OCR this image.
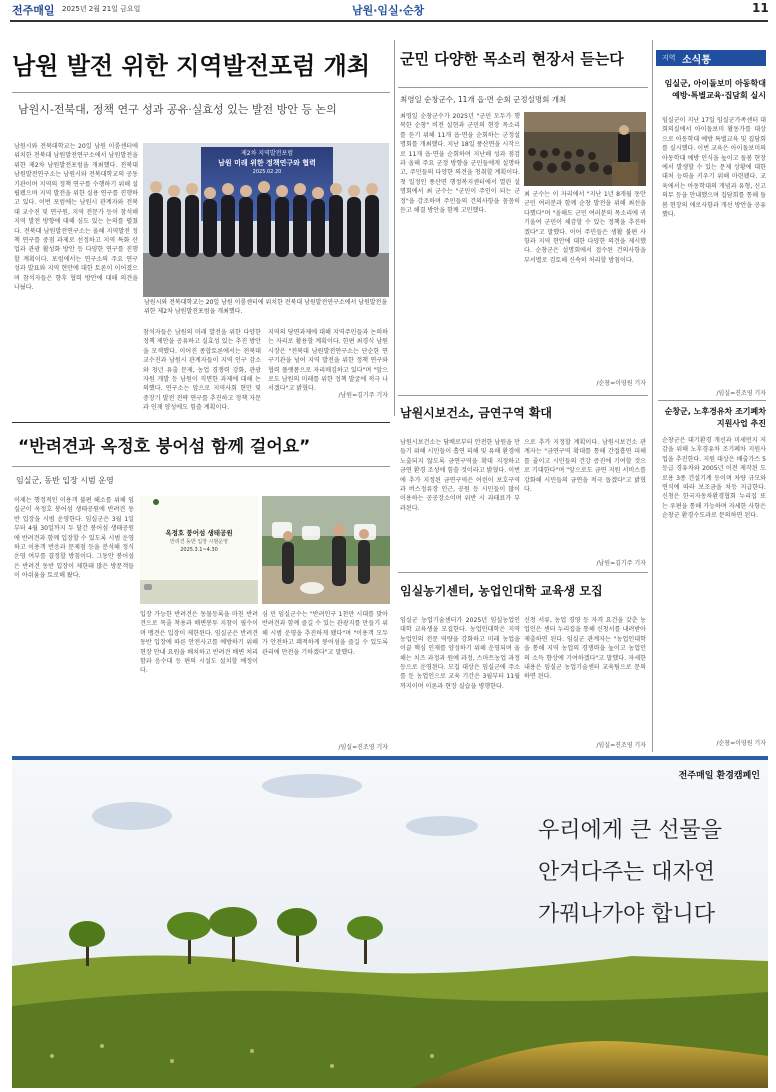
전주매일 2025년 2월 21일 금요일	남원·임실·순창	11
남원 발전 위한 지역발전포럼 개최
남원시-전북대, 정책 연구 성과 공유·실효성 있는 발전 방안 등 논의
남원시와 전북대학교는 20일 남원 이룸센터에 위치한 전북대 남원발전연구소에서 남원발전을 위한 제2차 남원발전포럼을 개최했다. 전북대 남원발전연구소는 남원시와 전북대학교의 공동 기관이며 지역의 정책 연구를 수행하기 위해 설립됐으며 지역 발전을 위한 실용 연구를 진행하고 있다. 이번 포럼에는 남원시 관계자와 전북대 교수진 및 연구원, 지역 전문가 등이 참석해 지역 발전 방향에 대해 심도 있는 논의를 펼쳤다. 전북대 남원발전연구소는 올해 지역발전 정책 연구를 중점 과제로 선정하고 지역 특화 산업과 관광 활성화 방안 등 다양한 연구를 진행할 계획이다. 포럼에서는 연구소의 주요 연구 성과 발표와 지역 현안에 대한 토론이 이어졌으며 참석자들은 향후 협력 방안에 대해 의견을 나눴다.
제2차 지역발전포럼
남원 미래 위한 정책연구와 협력
2025.02.20
남원시와 전북대학교는 20일 남원 이룸센터에 위치한 전북대 남원발전연구소에서 남원발전을 위한 제2차 남원발전포럼을 개최했다.
참석자들은 남원의 미래 발전을 위한 다양한 정책 제안을 공유하고 실효성 있는 추진 방안을 모색했다. 이어진 종합토론에서는 전북대 교수진과 남원시 관계자들이 지역 인구 감소와 청년 유출 문제, 농업 경쟁력 강화, 관광 자원 개발 등 남원이 직면한 과제에 대해 논의했다. 연구소는 앞으로 지역사회 현안 및 중장기 발전 전략 연구를 추진하고 정책 자문과 인재 양성에도 힘쓸 계획이다.
지역의 당면과제에 대해 지역주민들과 논의하는 자리로 활용할 계획이다. 한편 최경식 남원시장은 "전북대 남원발전연구소는 단순한 연구기관을 넘어 지역 발전을 위한 정책 연구와 협력 플랫폼으로 자리매김하고 있다"며 "앞으로도 남원의 미래를 위한 정책 발굴에 적극 나서겠다"고 밝혔다.
/남원=김기주 기자
군민 다양한 목소리 현장서 듣는다
최영일 순창군수, 11개 읍·면 순회 군정설명회 개최
최영일 순창군수가 2025년 "군민 모두가 행복한 순창" 비전 실현과 군민의 현장 목소리를 듣기 위해 11개 읍·면을 순회하는 군정설명회를 개최했다. 지난 18일 풍산면을 시작으로 11개 읍·면을 순회하며 지난해 성과 점검과 올해 주요 군정 방향을 군민들에게 설명하고, 주민들의 다양한 의견을 청취할 계획이다. 첫 일정인 풍산면 행정복지센터에서 열린 설명회에서 최 군수는 "군민이 주인이 되는 군정"을 강조하며 주민들의 건의사항을 꼼꼼히 듣고 해결 방안을 함께 고민했다.
최 군수는 이 자리에서 "지난 1년 8개월 동안 군민 여러분과 함께 순창 발전을 위해 최선을 다했다"며 "올해도 군민 여러분의 목소리에 귀 기울여 군민이 체감할 수 있는 정책을 추진하겠다"고 말했다. 이어 주민들은 생활 불편 사항과 지역 현안에 대한 다양한 의견을 제시했다. 순창군은 설명회에서 접수된 건의사항을 부서별로 검토해 신속히 처리할 방침이다.
/순창=이영원 기자
남원시보건소, 금연구역 확대
남원시보건소는 담배로부터 안전한 남원을 만들기 위해 시민들이 흡연 피해 및 유해 환경에 노출되지 않도록 금연구역을 확대 지정하고 금연 환경 조성에 힘쓸 것이라고 밝혔다. 이번에 추가 지정된 금연구역은 어린이 보호구역과 버스정류장 인근, 공원 등 시민들이 많이 이용하는 공공장소이며 위반 시 과태료가 부과된다.
으로 추가 지정할 계획이다. 남원시보건소 관계자는 "금연구역 확대를 통해 간접흡연 피해를 줄이고 시민들의 건강 증진에 기여할 것으로 기대한다"며 "앞으로도 금연 지원 서비스를 강화해 시민들의 금연을 적극 돕겠다"고 밝혔다.
/남원=김기주 기자
임실농기센터, 농업인대학 교육생 모집
임실군 농업기술센터가 2025년 임실농업인대학 교육생을 모집한다. 농업인대학은 지역 농업인의 전문 역량을 강화하고 미래 농업을 이끌 핵심 인재를 양성하기 위해 운영되며 올해는 치즈 과정과 원예 과정, 스마트농업 과정 등으로 운영된다. 모집 대상은 임실군에 주소를 둔 농업인으로 교육 기간은 3월부터 11월까지이며 이론과 현장 실습을 병행한다.
신청 서류, 농업 경영 등 자격 요건을 갖춘 농업인은 센터 누리집을 통해 신청서를 내려받아 제출하면 된다. 임실군 관계자는 "농업인대학을 통해 지역 농업의 경쟁력을 높이고 농업인의 소득 향상에 기여하겠다"고 말했다. 자세한 내용은 임실군 농업기술센터 교육팀으로 문의하면 된다.
/임실=진조영 기자
“반려견과 옥정호 붕어섬 함께 걸어요”
임실군, 동반 입장 시범 운영
이제는 행정적인 이용객 불편 해소를 위해 임실군이 옥정호 붕어섬 생태공원에 반려견 동반 입장을 시범 운영한다. 임실군은 3월 1일부터 4월 30일까지 두 달간 붕어섬 생태공원에 반려견과 함께 입장할 수 있도록 시범 운영하고 이용객 반응과 문제점 등을 분석해 정식 운영 여부를 결정할 방침이다. 그동안 붕어섬은 반려견 동반 입장이 제한돼 많은 방문객들이 아쉬움을 토로해 왔다.
옥정호 붕어섬 생태공원
반려견 동반 입장 시범운영
2025.3.1~4.30
입장 가능한 반려견은 동물등록을 마친 반려견으로 목줄 착용과 배변봉투 지참이 필수이며 맹견은 입장이 제한된다. 임실군은 반려견 동반 입장에 따른 안전사고를 예방하기 위해 현장 안내 요원을 배치하고 반려견 배변 처리함과 음수대 등 편의 시설도 설치할 예정이다.
심 민 임실군수는 "반려인구 1천만 시대를 맞아 반려견과 함께 즐길 수 있는 관광지를 만들기 위해 시범 운영을 추진하게 됐다"며 "이용객 모두가 안전하고 쾌적하게 붕어섬을 즐길 수 있도록 관리에 만전을 기하겠다"고 말했다.
/임실=진조영 기자
지역 소식통
임실군, 아이돌보미 아동학대 예방·특별교육·집담회 실시
임실군이 지난 17일 임실군가족센터 대회의실에서 아이돌보미 활동가를 대상으로 아동학대 예방 특별교육 및 집담회를 실시했다. 이번 교육은 아이돌보미의 아동학대 예방 인식을 높이고 돌봄 현장에서 발생할 수 있는 문제 상황에 대한 대처 능력을 키우기 위해 마련됐다. 교육에서는 아동학대의 개념과 유형, 신고 의무 등을 안내했으며 집담회를 통해 돌봄 현장의 애로사항과 개선 방안을 공유했다.
/임실=진조영 기자
순창군, 노후경유차 조기폐차 지원사업 추진
순창군은 대기환경 개선과 미세먼지 저감을 위해 노후경유차 조기폐차 지원사업을 추진한다. 지원 대상은 배출가스 5등급 경유차와 2005년 이전 제작된 도로용 3종 건설기계 등이며 차량 규모와 연식에 따라 보조금을 차등 지급한다. 신청은 한국자동차환경협회 누리집 또는 우편을 통해 가능하며 자세한 사항은 순창군 환경수도과로 문의하면 된다.
/순창=이영원 기자
전주매일 환경캠페인
우리에게 큰 선물을
안겨다주는 대자연
가꿔나가야 합니다
